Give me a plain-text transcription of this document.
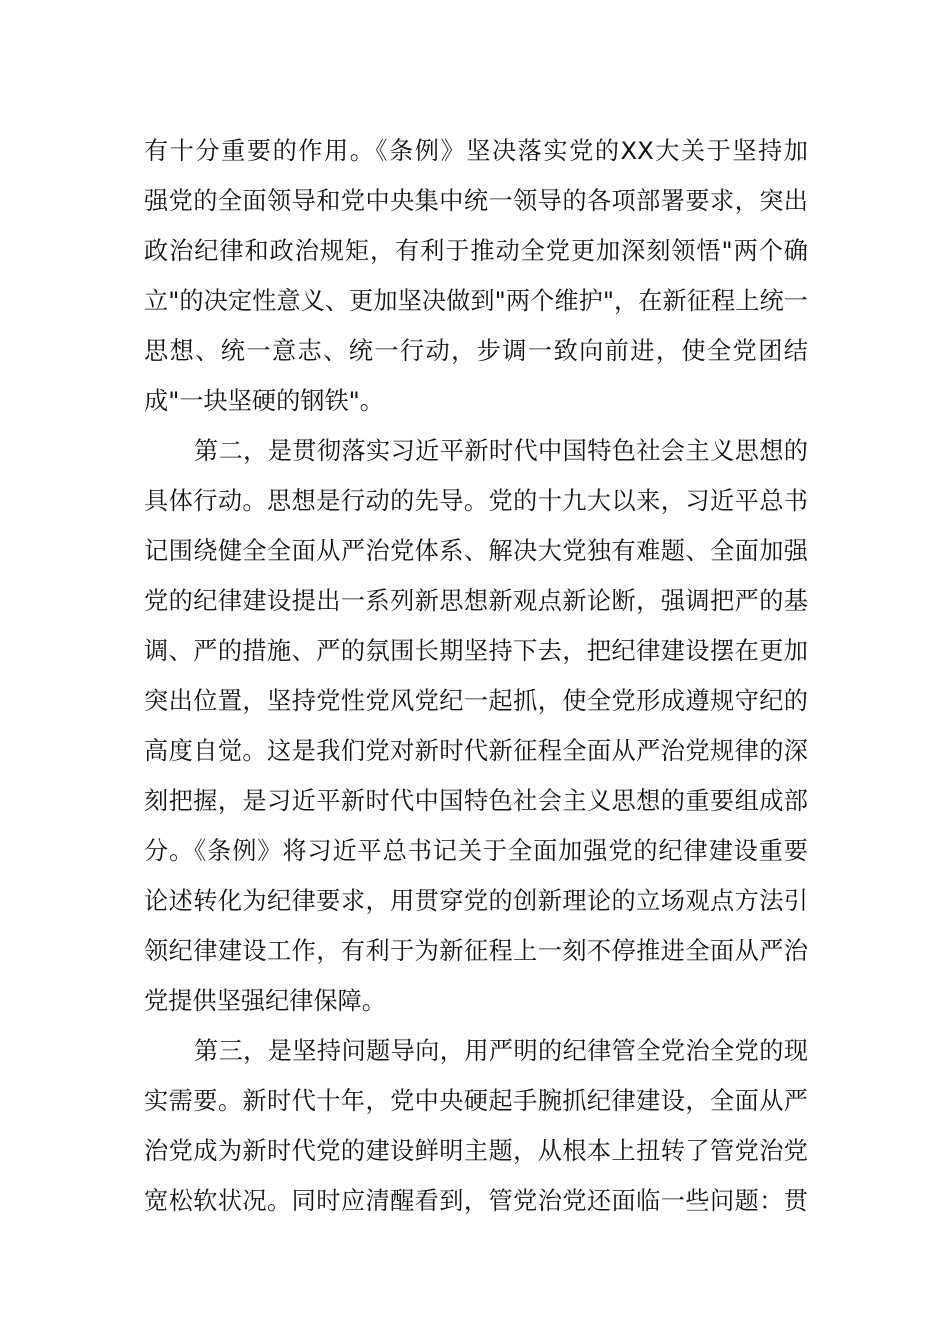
有十分重要的作用。《条例》坚决落实党的XX大关于坚持加
强党的全面领导和党中央集中统一领导的各项部署要求，突出
政治纪律和政治规矩，有利于推动全党更加深刻领悟"两个确
立"的决定性意义、更加坚决做到"两个维护"，在新征程上统一
思想、统一意志、统一行动，步调一致向前进，使全党团结
成"一块坚硬的钢铁"。
第二，是贯彻落实习近平新时代中国特色社会主义思想的
具体行动。思想是行动的先导。党的十九大以来，习近平总书
记围绕健全全面从严治党体系、解决大党独有难题、全面加强
党的纪律建设提出一系列新思想新观点新论断，强调把严的基
调、严的措施、严的氛围长期坚持下去，把纪律建设摆在更加
突出位置，坚持党性党风党纪一起抓，使全党形成遵规守纪的
高度自觉。这是我们党对新时代新征程全面从严治党规律的深
刻把握，是习近平新时代中国特色社会主义思想的重要组成部
分。《条例》将习近平总书记关于全面加强党的纪律建设重要
论述转化为纪律要求，用贯穿党的创新理论的立场观点方法引
领纪律建设工作，有利于为新征程上一刻不停推进全面从严治
党提供坚强纪律保障。
第三，是坚持问题导向，用严明的纪律管全党治全党的现
实需要。新时代十年，党中央硬起手腕抓纪律建设，全面从严
治党成为新时代党的建设鲜明主题，从根本上扭转了管党治党
宽松软状况。同时应清醒看到，管党治党还面临一些问题：贯
